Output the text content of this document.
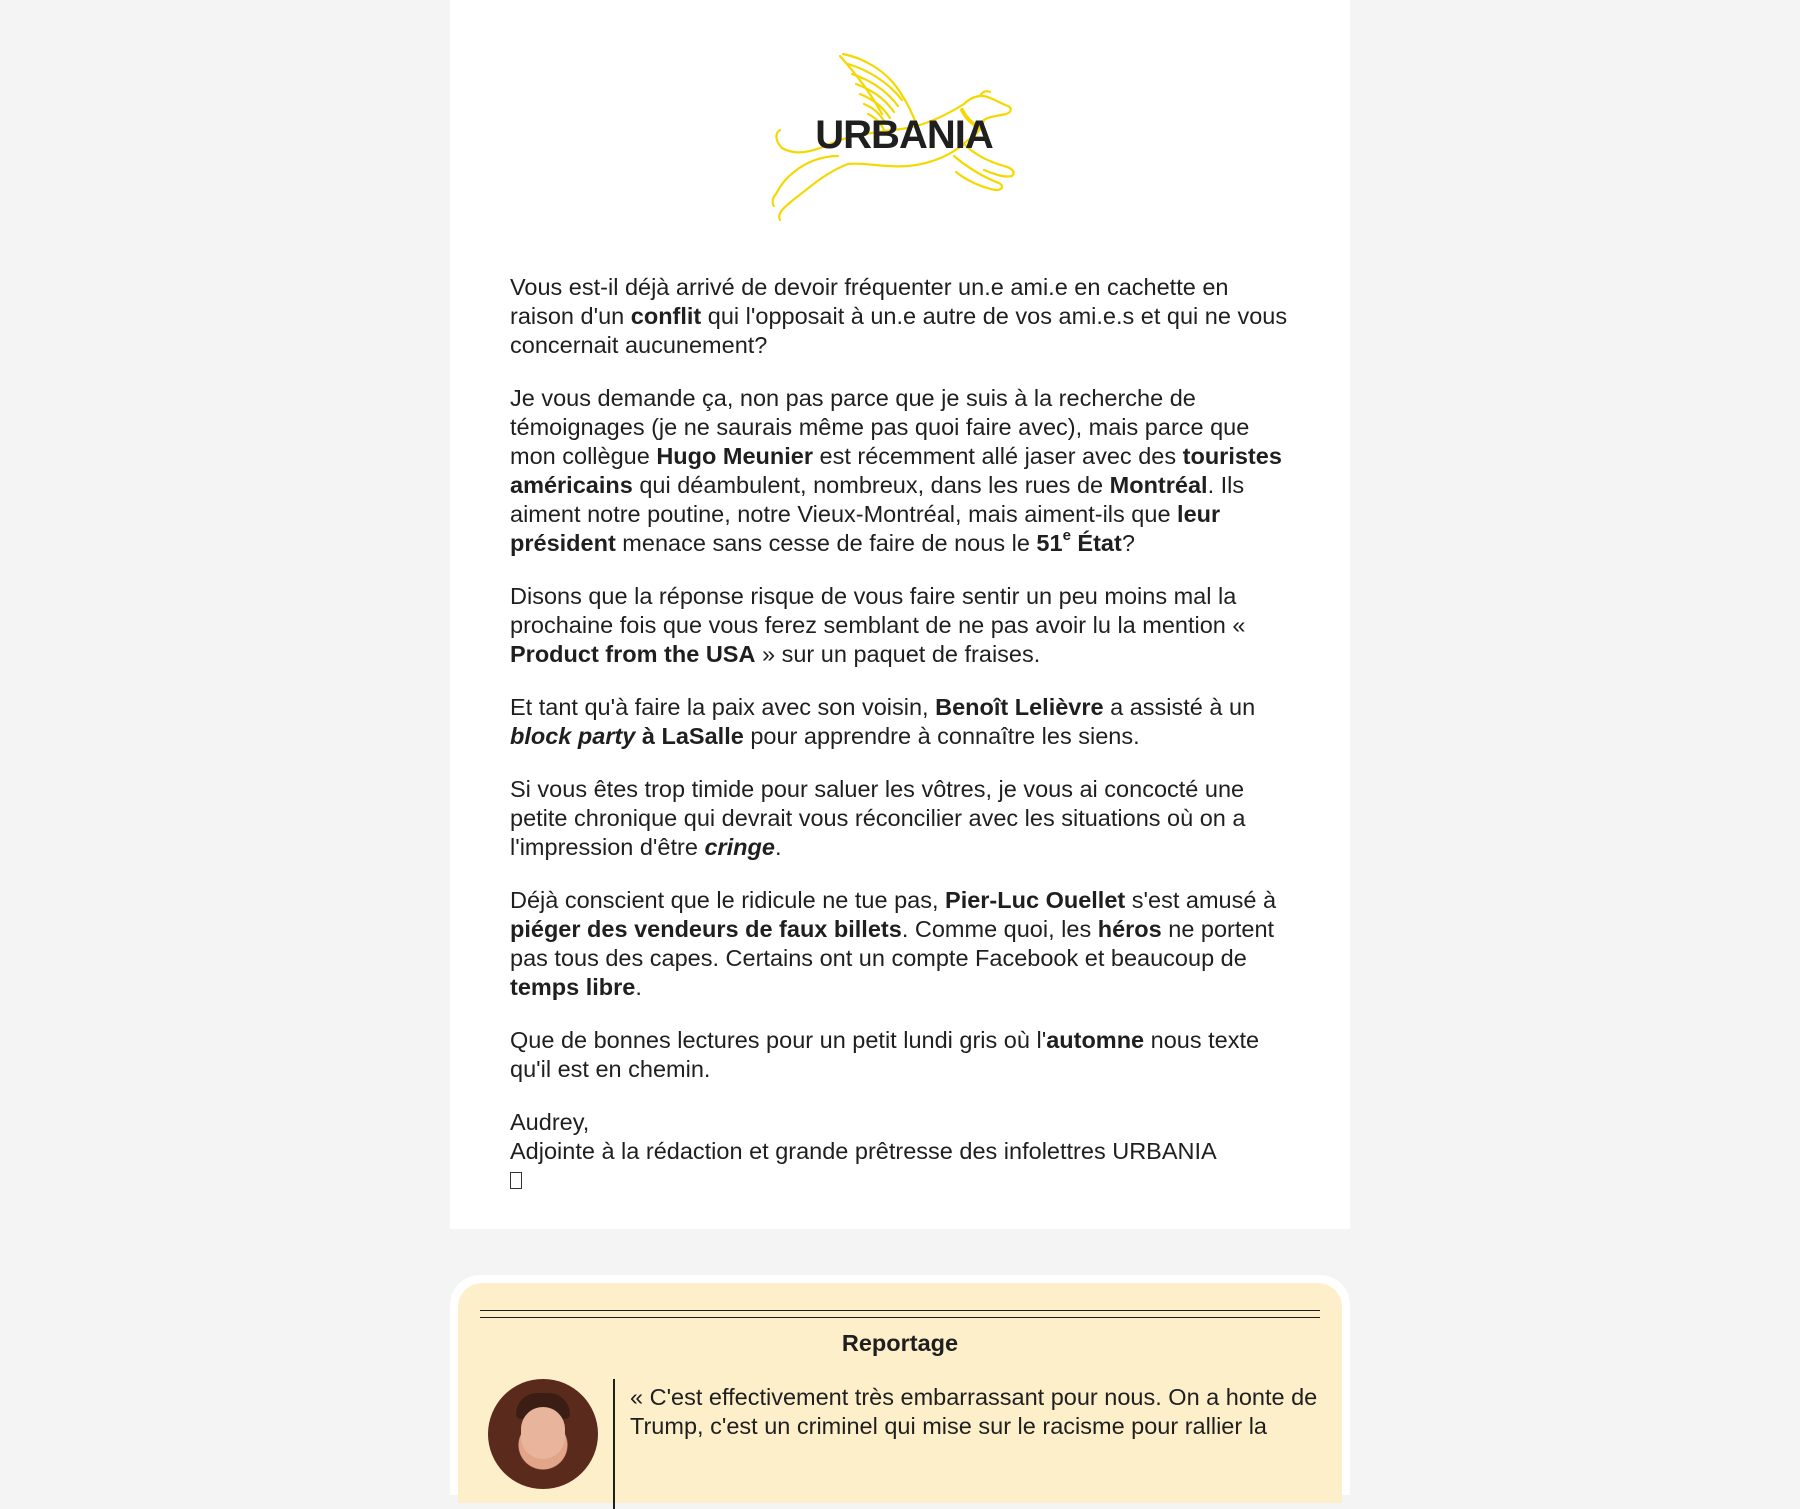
URBANIA

Vous est-il déjà arrivé de devoir fréquenter un.e ami.e en cachette en raison d'un conflit qui l'opposait à un.e autre de vos ami.e.s et qui ne vous concernait aucunement?

Je vous demande ça, non pas parce que je suis à la recherche de témoignages (je ne saurais même pas quoi faire avec), mais parce que mon collègue Hugo Meunier est récemment allé jaser avec des touristes américains qui déambulent, nombreux, dans les rues de Montréal. Ils aiment notre poutine, notre Vieux-Montréal, mais aiment-ils que leur président menace sans cesse de faire de nous le 51e État?

Disons que la réponse risque de vous faire sentir un peu moins mal la prochaine fois que vous ferez semblant de ne pas avoir lu la mention « Product from the USA » sur un paquet de fraises.

Et tant qu'à faire la paix avec son voisin, Benoît Lelièvre a assisté à un block party à LaSalle pour apprendre à connaître les siens.

Si vous êtes trop timide pour saluer les vôtres, je vous ai concocté une petite chronique qui devrait vous réconcilier avec les situations où on a l'impression d'être cringe.

Déjà conscient que le ridicule ne tue pas, Pier-Luc Ouellet s'est amusé à piéger des vendeurs de faux billets. Comme quoi, les héros ne portent pas tous des capes. Certains ont un compte Facebook et beaucoup de temps libre.

Que de bonnes lectures pour un petit lundi gris où l'automne nous texte qu'il est en chemin.

Audrey,
Adjointe à la rédaction et grande prêtresse des infolettres URBANIA
Reportage
« C'est effectivement très embarrassant pour nous. On a honte de Trump, c'est un criminel qui mise sur le racisme pour rallier la
